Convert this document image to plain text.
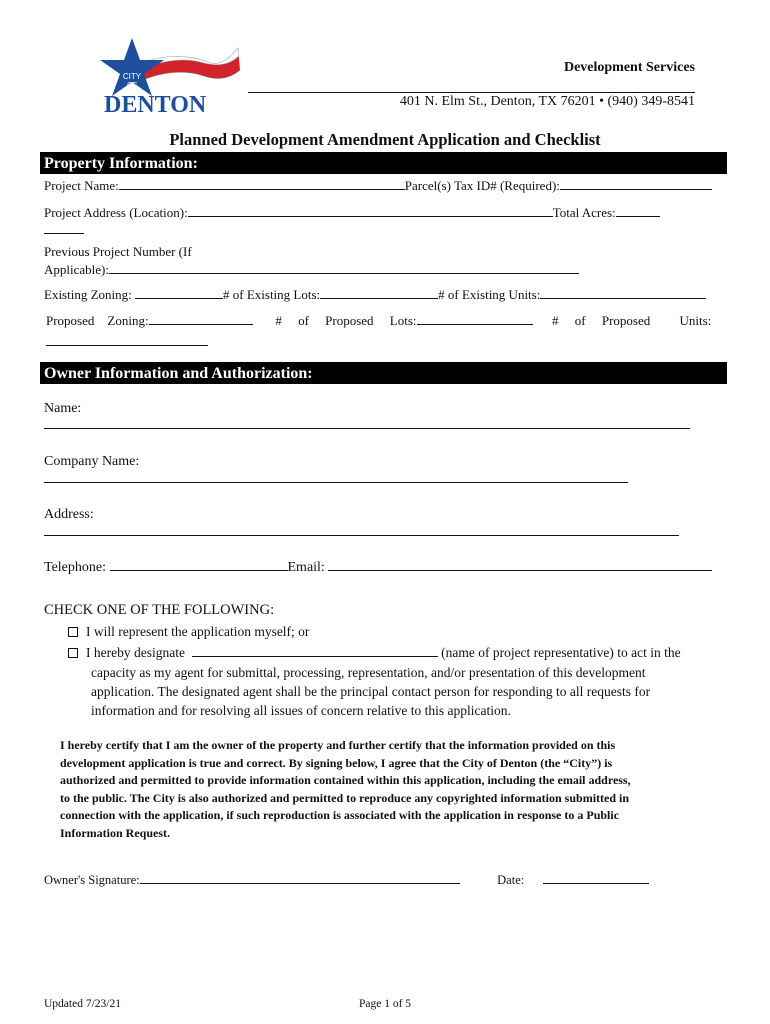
CITY
OF
DENTON
Development Services
401 N. Elm St., Denton, TX 76201 • (940) 349-8541
Planned Development Amendment Application and Checklist
Property Information:
Project Name:	Parcel(s) Tax ID# (Required):
Project Address (Location):	Total Acres:
Previous Project Number (If
Applicable):
Existing Zoning:	# of Existing Lots:	# of Existing Units:
Proposed Zoning:	# of Proposed Lots:	# of Proposed Units:
Owner Information and Authorization:
Name:
Company Name:
Address:
Telephone:	Email:
CHECK ONE OF THE FOLLOWING:
I will represent the application myself; or
I hereby designate	(name of project representative) to act in the
capacity as my agent for submittal, processing, representation, and/or presentation of this development
application. The designated agent shall be the principal contact person for responding to all requests for
information and for resolving all issues of concern relative to this application.
I hereby certify that I am the owner of the property and further certify that the information provided on this
development application is true and correct. By signing below, I agree that the City of Denton (the “City”) is
authorized and permitted to provide information contained within this application, including the email address,
to the public. The City is also authorized and permitted to reproduce any copyrighted information submitted in
connection with the application, if such reproduction is associated with the application in response to a Public
Information Request.
Owner's Signature:	Date:
Updated 7/23/21	Page 1 of 5
